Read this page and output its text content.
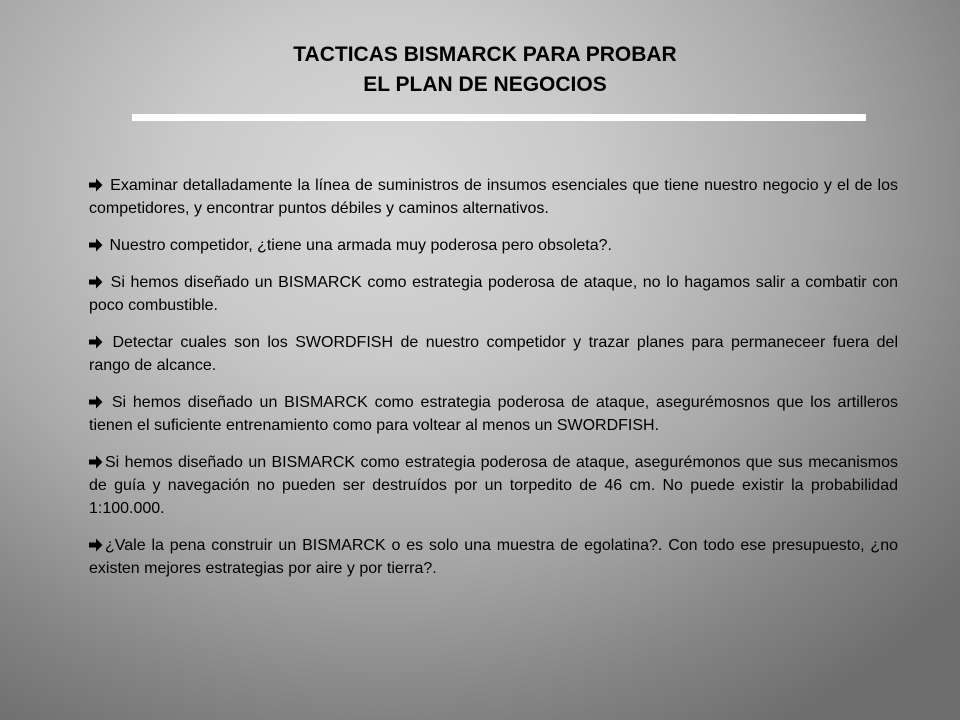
TACTICAS BISMARCK PARA PROBAR
EL PLAN DE NEGOCIOS
Examinar detalladamente la línea de suministros de insumos esenciales que tiene nuestro negocio y el de los competidores, y encontrar puntos débiles y caminos alternativos.
Nuestro competidor, ¿tiene una armada muy poderosa pero obsoleta?.
Si hemos diseñado un BISMARCK como estrategia poderosa de ataque, no lo hagamos salir a combatir con poco combustible.
Detectar cuales son los SWORDFISH de nuestro competidor y trazar planes para permaneceer fuera del rango de alcance.
Si hemos diseñado un BISMARCK como estrategia poderosa de ataque, asegurémosnos que los artilleros tienen el suficiente entrenamiento como para voltear al menos un SWORDFISH.
Si hemos diseñado un BISMARCK como estrategia poderosa de ataque, asegurémonos que sus mecanismos de guía y navegación no pueden ser destruídos por un torpedito de 46 cm. No puede existir la probabilidad 1:100.000.
¿Vale la pena construir un BISMARCK o es solo una muestra de egolatina?. Con todo ese presupuesto, ¿no existen mejores estrategias por aire y por tierra?.
